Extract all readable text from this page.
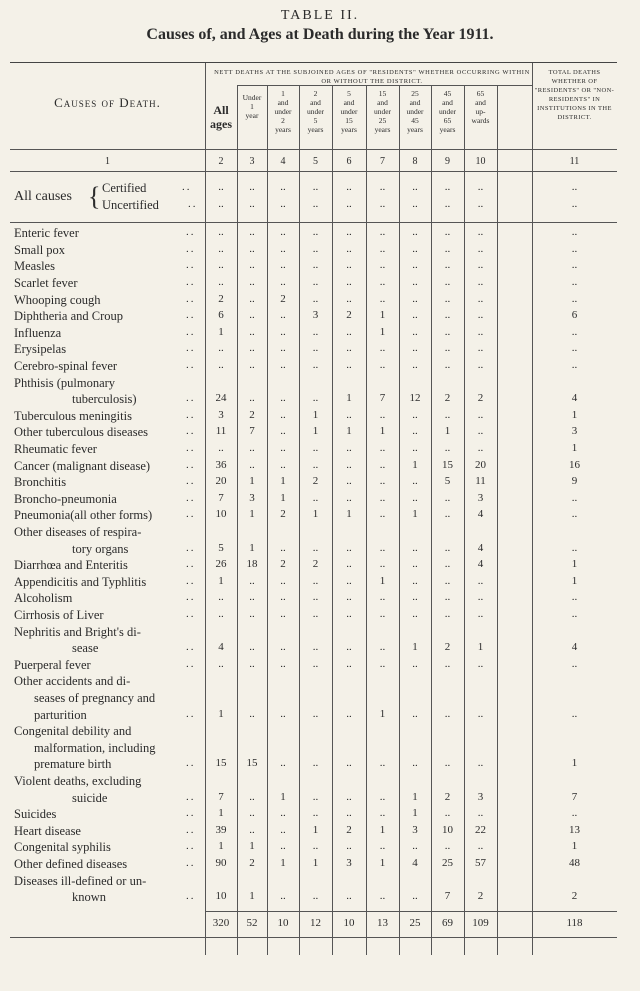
TABLE II.
Causes of, and Ages at Death during the Year 1911.
Causes of Death.
NETT DEATHS AT THE SUBJOINED AGES OF "RESIDENTS" WHETHER OCCURRING WITHIN OR WITHOUT THE DISTRICT.
TOTAL DEATHS WHETHER OF "RESIDENTS" OR "NON-RESIDENTS" IN INSTITUTIONS IN THE DISTRICT.
All
ages
Under
1
year
1
and
under
2
years
2
and
under
5
years
5
and
under
15
years
15
and
under
25
years
25
and
under
45
years
45
and
under
65
years
65
and
up-
wards
1	2	3	4	5	6	7	8	9	10	11
All causes { Certified	..	..	..	..	..	..	..	..	..	..	..
Uncertified	..	..	..	..	..	..	..	..	..	..	..
Enteric fever	..	..	..	..	..	..	..	..	..	..	..
Small pox	..	..	..	..	..	..	..	..	..	..	..
Measles	..	..	..	..	..	..	..	..	..	..	..
Scarlet fever	..	..	..	..	..	..	..	..	..	..	..
Whooping cough	..	2	..	2	..	..	..	..	..	..	..
Diphtheria and Croup	..	6	..	..	3	2	1	..	..	..	6
Influenza	..	1	..	..	..	..	1	..	..	..	..
Erysipelas	..	..	..	..	..	..	..	..	..	..	..
Cerebro-spinal fever	..	..	..	..	..	..	..	..	..	..	..
Phthisis (pulmonary
tuberculosis)	..	24	..	..	..	1	7	12	2	2	4
Tuberculous meningitis	..	3	2	..	1	..	..	..	..	..	1
Other tuberculous diseases	..	11	7	..	1	1	1	..	1	..	3
Rheumatic fever	..	..	..	..	..	..	..	..	..	..	1
Cancer (malignant disease)	..	36	..	..	..	..	..	1	15	20	16
Bronchitis	..	20	1	1	2	..	..	..	5	11	9
Broncho-pneumonia	..	7	3	1	..	..	..	..	..	3	..
Pneumonia(all other forms)	..	10	1	2	1	1	..	1	..	4	..
Other diseases of respira-
tory organs	..	5	1	..	..	..	..	..	..	4	..
Diarrhœa and Enteritis	..	26	18	2	2	..	..	..	..	4	1
Appendicitis and Typhlitis	..	1	..	..	..	..	1	..	..	..	1
Alcoholism	..	..	..	..	..	..	..	..	..	..	..
Cirrhosis of Liver	..	..	..	..	..	..	..	..	..	..	..
Nephritis and Bright's di-
sease	..	4	..	..	..	..	..	1	2	1	4
Puerperal fever	..	..	..	..	..	..	..	..	..	..	..
Other accidents and di-
seases of pregnancy and
parturition	..	1	..	..	..	..	1	..	..	..	..
Congenital debility and
malformation, including
premature birth	..	15	15	..	..	..	..	..	..	..	1
Violent deaths, excluding
suicide	..	7	..	1	..	..	..	1	2	3	7
Suicides	..	1	..	..	..	..	..	1	..	..	..
Heart disease	..	39	..	..	1	2	1	3	10	22	13
Congenital syphilis	..	1	1	..	..	..	..	..	..	..	1
Other defined diseases	..	90	2	1	1	3	1	4	25	57	48
Diseases ill-defined or un-
known	..	10	1	..	..	..	..	..	7	2	2
320	52	10	12	10	13	25	69	109	118
